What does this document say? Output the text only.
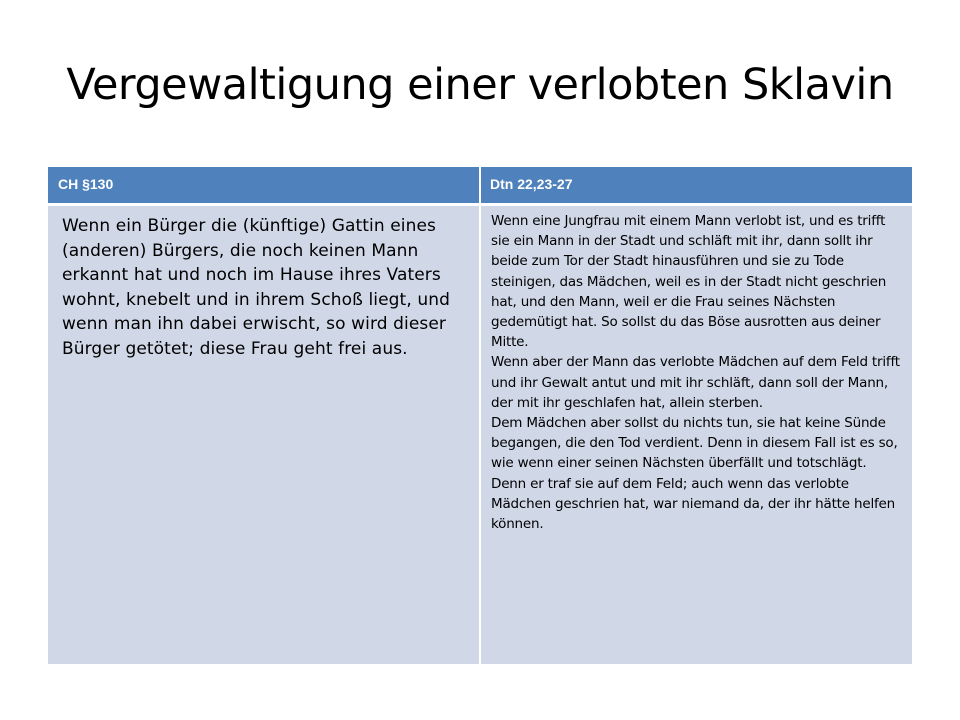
Vergewaltigung einer verlobten Sklavin
CH §130	Dtn 22,23-27

Wenn ein Bürger die (künftige) Gattin eines (anderen) Bürgers, die noch keinen Mann erkannt hat und noch im Hause ihres Vaters wohnt, knebelt und in ihrem Schoß liegt, und wenn man ihn dabei erwischt, so wird dieser Bürger getötet; diese Frau geht frei aus.

Wenn eine Jungfrau mit einem Mann verlobt ist, und es trifft sie ein Mann in der Stadt und schläft mit ihr, dann sollt ihr beide zum Tor der Stadt hinausführen und sie zu Tode steinigen, das Mädchen, weil es in der Stadt nicht geschrien hat, und den Mann, weil er die Frau seines Nächsten gedemütigt hat. So sollst du das Böse ausrotten aus deiner Mitte.

Wenn aber der Mann das verlobte Mädchen auf dem Feld trifft und ihr Gewalt antut und mit ihr schläft, dann soll der Mann, der mit ihr geschlafen hat, allein sterben.

Dem Mädchen aber sollst du nichts tun, sie hat keine Sünde begangen, die den Tod verdient. Denn in diesem Fall ist es so, wie wenn einer seinen Nächsten überfällt und totschlägt.

Denn er traf sie auf dem Feld; auch wenn das verlobte Mädchen geschrien hat, war niemand da, der ihr hätte helfen können.
